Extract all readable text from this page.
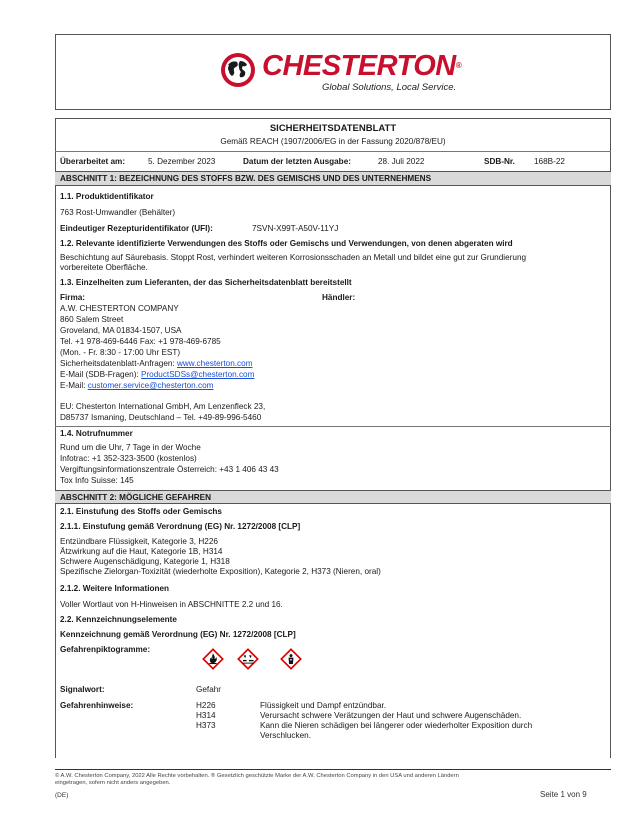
CHESTERTON®
Global Solutions, Local Service.
SICHERHEITSDATENBLATT
Gemäß REACH (1907/2006/EG in der Fassung 2020/878/EU)
Überarbeitet am:	5. Dezember 2023	Datum der letzten Ausgabe:	28. Juli 2022	SDB-Nr. 168B-22
ABSCHNITT 1: BEZEICHNUNG DES STOFFS BZW. DES GEMISCHS UND DES UNTERNEHMENS
1.1. Produktidentifikator
763 Rost-Umwandler (Behälter)
Eindeutiger Rezepturidentifikator (UFI):	7SVN-X99T-A50V-11YJ
1.2. Relevante identifizierte Verwendungen des Stoffs oder Gemischs und Verwendungen, von denen abgeraten wird
Beschichtung auf Säurebasis. Stoppt Rost, verhindert weiteren Korrosionsschaden an Metall und bildet eine gut zur Grundierung
vorbereitete Oberfläche.
1.3. Einzelheiten zum Lieferanten, der das Sicherheitsdatenblatt bereitstellt
Firma:	Händler:
A.W. CHESTERTON COMPANY
860 Salem Street
Groveland, MA 01834-1507, USA
Tel. +1 978-469-6446 Fax: +1 978-469-6785
(Mon. - Fr. 8:30 - 17:00 Uhr EST)
Sicherheitsdatenblatt-Anfragen: www.chesterton.com
E-Mail (SDB-Fragen): ProductSDSs@chesterton.com
E-Mail: customer.service@chesterton.com
EU: Chesterton International GmbH, Am Lenzenfleck 23,
D85737 Ismaning, Deutschland – Tel. +49-89-996-5460
1.4. Notrufnummer
Rund um die Uhr, 7 Tage in der Woche
Infotrac: +1 352-323-3500 (kostenlos)
Vergiftungsinformationszentrale Österreich: +43 1 406 43 43
Tox Info Suisse: 145
ABSCHNITT 2: MÖGLICHE GEFAHREN
2.1. Einstufung des Stoffs oder Gemischs
2.1.1. Einstufung gemäß Verordnung (EG) Nr. 1272/2008 [CLP]
Entzündbare Flüssigkeit, Kategorie 3, H226
Ätzwirkung auf die Haut, Kategorie 1B, H314
Schwere Augenschädigung, Kategorie 1, H318
Spezifische Zielorgan-Toxizität (wiederholte Exposition), Kategorie 2, H373 (Nieren, oral)
2.1.2. Weitere Informationen
Voller Wortlaut von H-Hinweisen in ABSCHNITTE 2.2 und 16.
2.2. Kennzeichnungselemente
Kennzeichnung gemäß Verordnung (EG) Nr. 1272/2008 [CLP]
Gefahrenpiktogramme:
Signalwort:	Gefahr
Gefahrenhinweise:	H226	Flüssigkeit und Dampf entzündbar.
H314	Verursacht schwere Verätzungen der Haut und schwere Augenschäden.
H373	Kann die Nieren schädigen bei längerer oder wiederholter Exposition durch
Verschlucken.
© A.W. Chesterton Company, 2022 Alle Rechte vorbehalten. ® Gesetzlich geschützte Marke der A.W. Chesterton Company in den USA und anderen Ländern
eingetragen, sofern nicht anders angegeben.
(DE)	Seite 1 von 9
